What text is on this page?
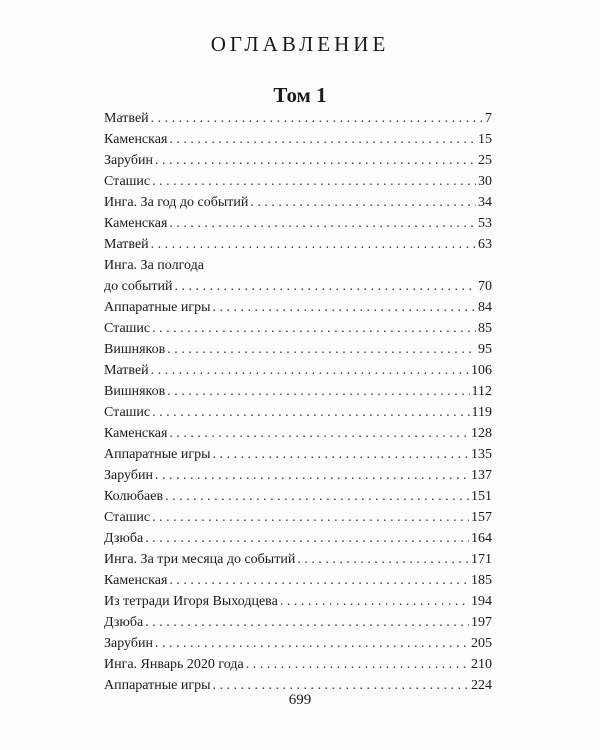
ОГЛАВЛЕНИЕ
Том 1
Матвей . . .	7
Каменская . . .	15
Зарубин . . .	25
Сташис . . .	30
Инга. За год до событий . . .	34
Каменская . . .	53
Матвей . . .	63
Инга. За полгода
до событий . . .	70
Аппаратные игры . . .	84
Сташис . . .	85
Вишняков . . .	95
Матвей . . .	106
Вишняков . . .	112
Сташис . . .	119
Каменская . . .	128
Аппаратные игры . . .	135
Зарубин . . .	137
Колюбаев . . .	151
Сташис . . .	157
Дзюба . . .	164
Инга. За три месяца до событий . . .	171
Каменская . . .	185
Из тетради Игоря Выходцева . . .	194
Дзюба . . .	197
Зарубин . . .	205
Инга. Январь 2020 года . . .	210
Аппаратные игры . . .	224
699
